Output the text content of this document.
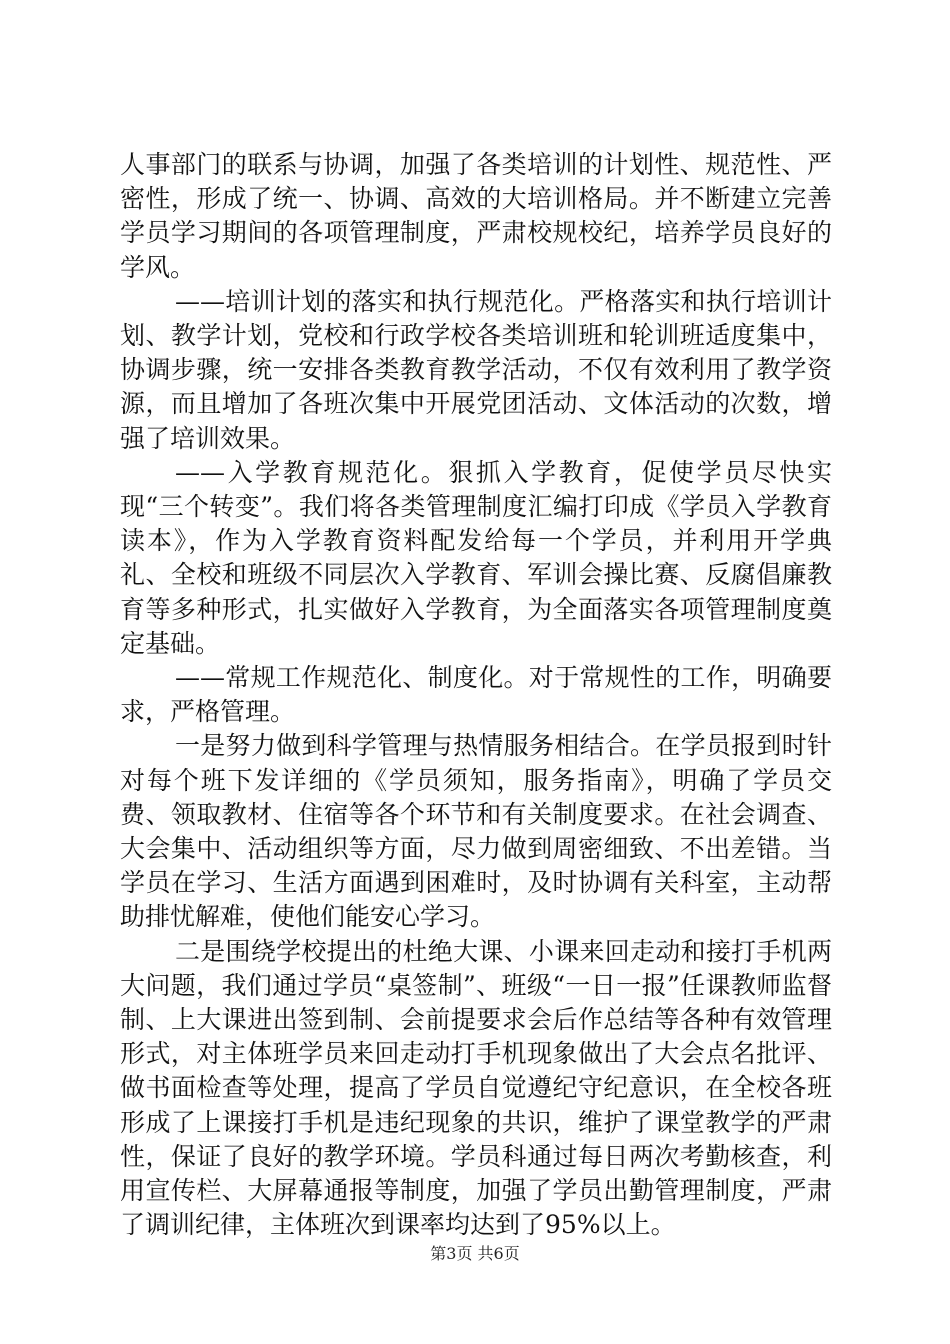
人事部门的联系与协调，加强了各类培训的计划性、规范性、严密性，形成了统一、协调、高效的大培训格局。并不断建立完善学员学习期间的各项管理制度，严肃校规校纪，培养学员良好的学风。

——培训计划的落实和执行规范化。严格落实和执行培训计划、教学计划，党校和行政学校各类培训班和轮训班适度集中，协调步骤，统一安排各类教育教学活动，不仅有效利用了教学资源，而且增加了各班次集中开展党团活动、文体活动的次数，增强了培训效果。

——入学教育规范化。狠抓入学教育，促使学员尽快实现“三个转变”。我们将各类管理制度汇编打印成《学员入学教育读本》，作为入学教育资料配发给每一个学员，并利用开学典礼、全校和班级不同层次入学教育、军训会操比赛、反腐倡廉教育等多种形式，扎实做好入学教育，为全面落实各项管理制度奠定基础。

——常规工作规范化、制度化。对于常规性的工作，明确要求，严格管理。

一是努力做到科学管理与热情服务相结合。在学员报到时针对每个班下发详细的《学员须知，服务指南》，明确了学员交费、领取教材、住宿等各个环节和有关制度要求。在社会调查、大会集中、活动组织等方面，尽力做到周密细致、不出差错。当学员在学习、生活方面遇到困难时，及时协调有关科室，主动帮助排忧解难，使他们能安心学习。

二是围绕学校提出的杜绝大课、小课来回走动和接打手机两大问题，我们通过学员“桌签制”、班级“一日一报”任课教师监督制、上大课进出签到制、会前提要求会后作总结等各种有效管理形式，对主体班学员来回走动打手机现象做出了大会点名批评、做书面检查等处理，提高了学员自觉遵纪守纪意识，在全校各班形成了上课接打手机是违纪现象的共识，维护了课堂教学的严肃性，保证了良好的教学环境。学员科通过每日两次考勤核查，利用宣传栏、大屏幕通报等制度，加强了学员出勤管理制度，严肃了调训纪律，主体班次到课率均达到了95%以上。

第3页 共6页
